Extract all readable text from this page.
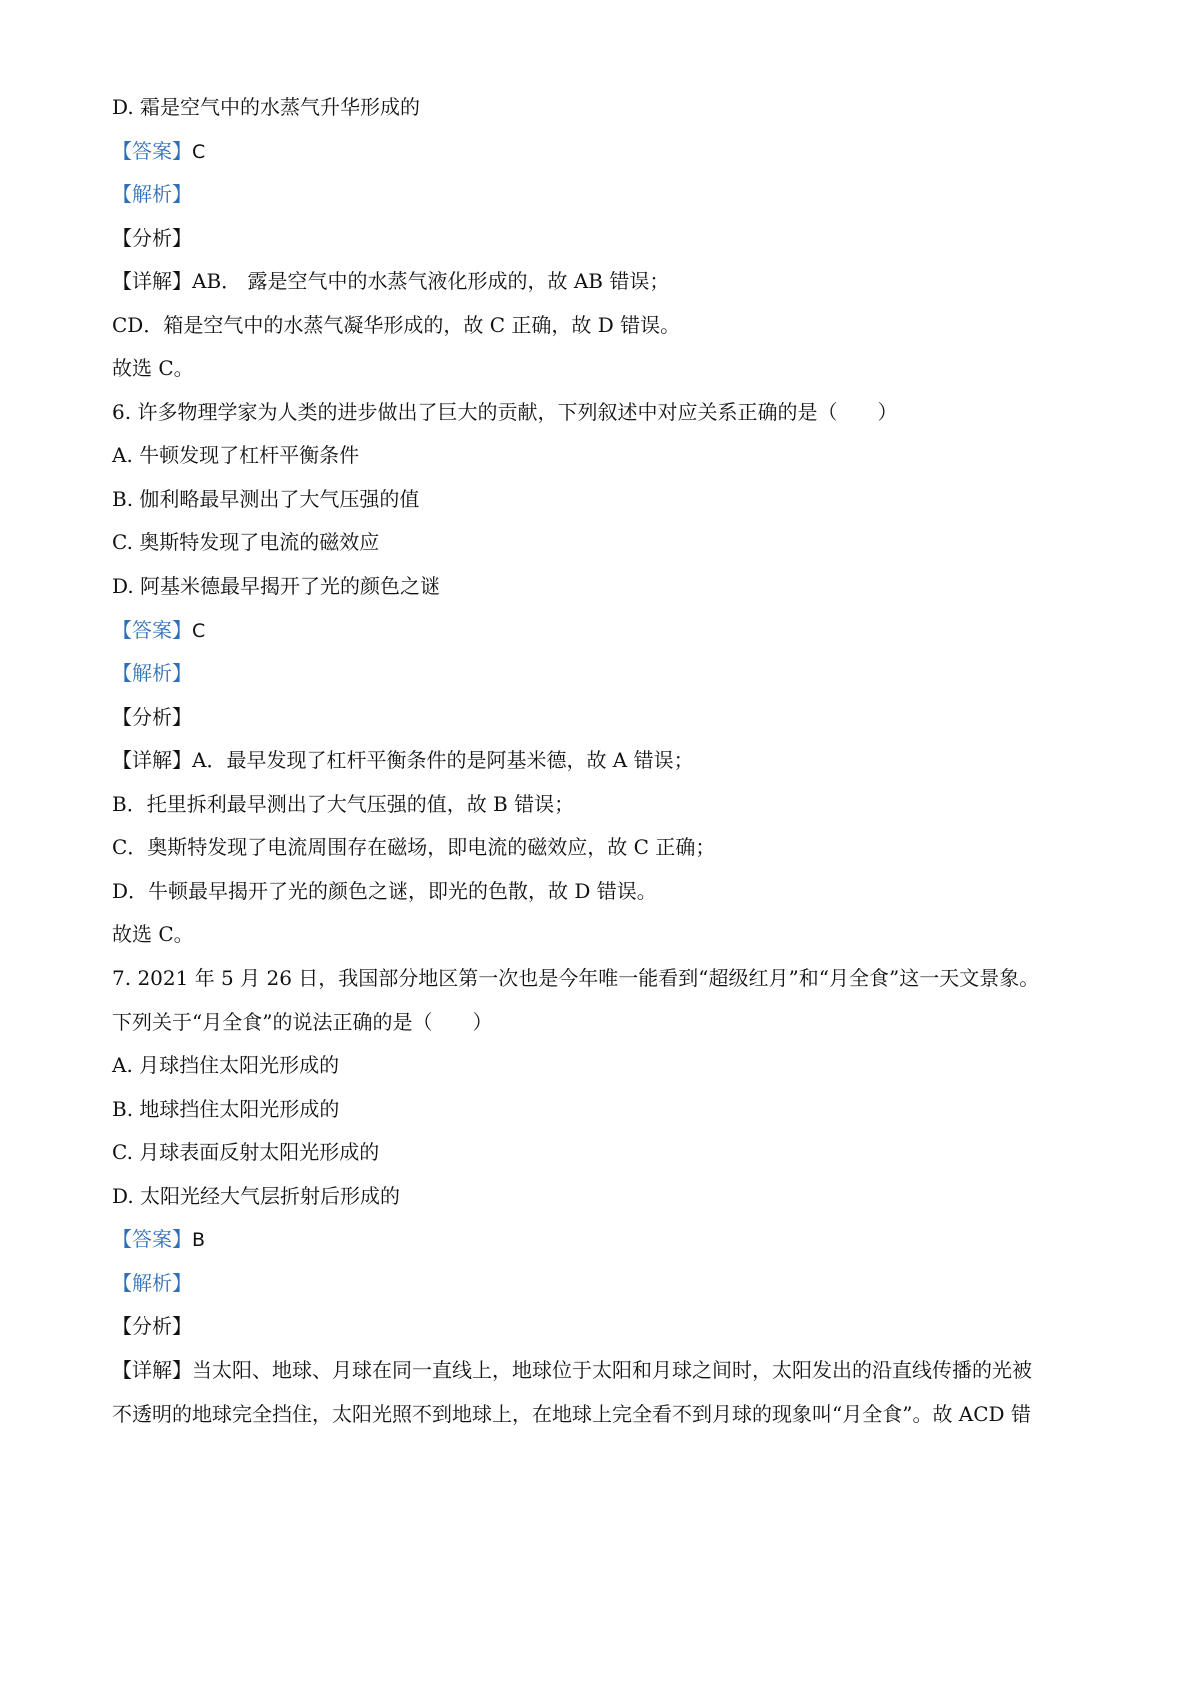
D. 霜是空气中的水蒸气升华形成的
【答案】C
【解析】
【分析】
【详解】AB． 露是空气中的水蒸气液化形成的，故 AB 错误；
CD．箱是空气中的水蒸气凝华形成的，故 C 正确，故 D 错误。
故选 C。
6. 许多物理学家为人类的进步做出了巨大的贡献，下列叙述中对应关系正确的是（　　）
A. 牛顿发现了杠杆平衡条件
B. 伽利略最早测出了大气压强的值
C. 奥斯特发现了电流的磁效应
D. 阿基米德最早揭开了光的颜色之谜
【答案】C
【解析】
【分析】
【详解】A．最早发现了杠杆平衡条件的是阿基米德，故 A 错误；
B．托里拆利最早测出了大气压强的值，故 B 错误；
C．奥斯特发现了电流周围存在磁场，即电流的磁效应，故 C 正确；
D．牛顿最早揭开了光的颜色之谜，即光的色散，故 D 错误。
故选 C。
7. 2021 年 5 月 26 日，我国部分地区第一次也是今年唯一能看到“超级红月”和“月全食”这一天文景象。
下列关于“月全食”的说法正确的是（　　）
A. 月球挡住太阳光形成的
B. 地球挡住太阳光形成的
C. 月球表面反射太阳光形成的
D. 太阳光经大气层折射后形成的
【答案】B
【解析】
【分析】
【详解】当太阳、地球、月球在同一直线上，地球位于太阳和月球之间时，太阳发出的沿直线传播的光被
不透明的地球完全挡住，太阳光照不到地球上，在地球上完全看不到月球的现象叫“月全食”。故 ACD 错
